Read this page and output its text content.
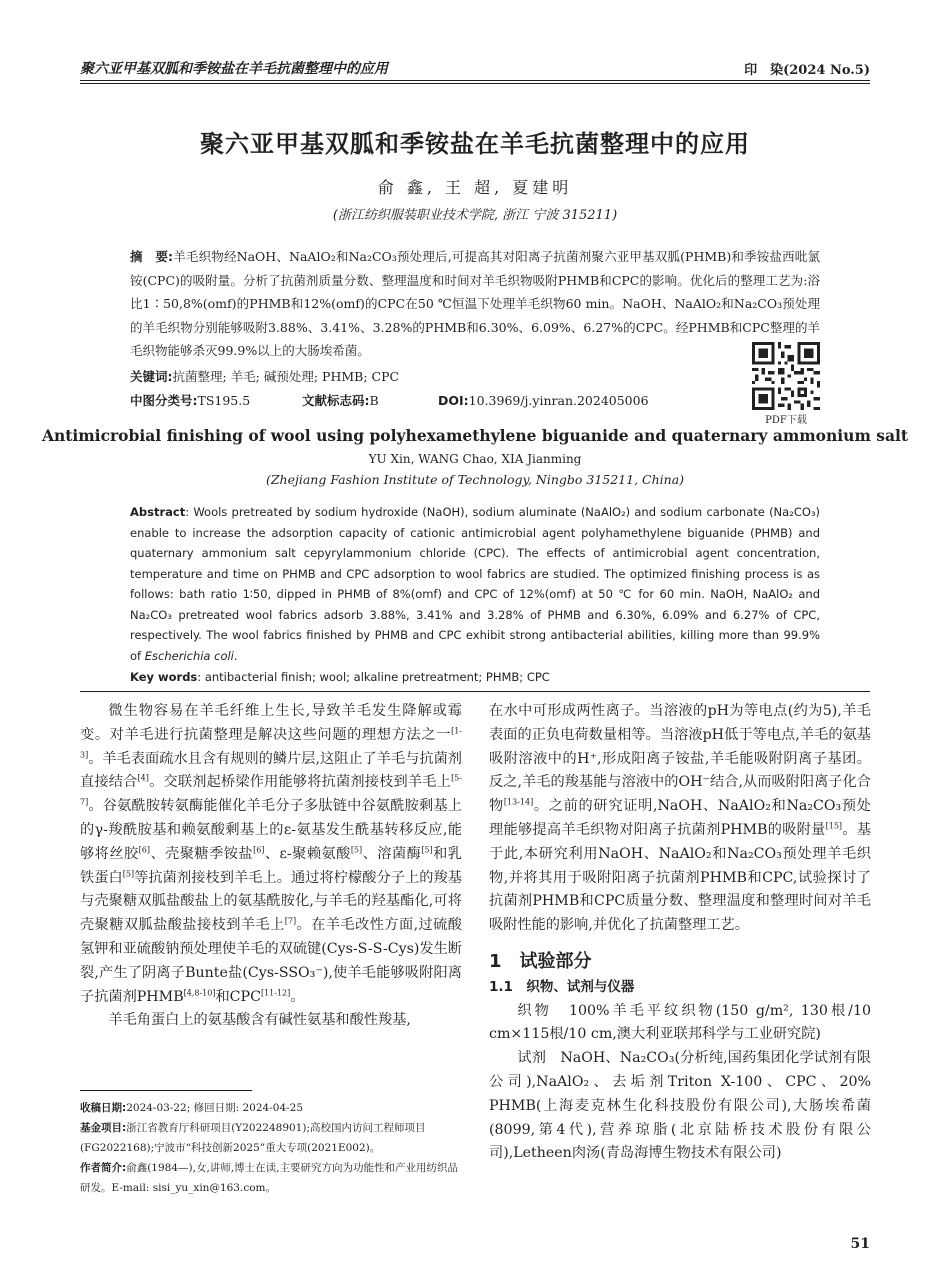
聚六亚甲基双胍和季铵盐在羊毛抗菌整理中的应用	印　染(2024 No.5)
聚六亚甲基双胍和季铵盐在羊毛抗菌整理中的应用
俞 鑫, 王 超, 夏建明
(浙江纺织服装职业技术学院, 浙江 宁波 315211)
摘　要:羊毛织物经NaOH、NaAlO₂和Na₂CO₃预处理后,可提高其对阳离子抗菌剂聚六亚甲基双胍(PHMB)和季铵盐西吡氯铵(CPC)的吸附量。分析了抗菌剂质量分数、整理温度和时间对羊毛织物吸附PHMB和CPC的影响。优化后的整理工艺为:浴比1∶50,8%(omf)的PHMB和12%(omf)的CPC在50 ℃恒温下处理羊毛织物60 min。NaOH、NaAlO₂和Na₂CO₃预处理的羊毛织物分别能够吸附3.88%、3.41%、3.28%的PHMB和6.30%、6.09%、6.27%的CPC。经PHMB和CPC整理的羊毛织物能够杀灭99.9%以上的大肠埃希菌。
关键词:抗菌整理; 羊毛; 碱预处理; PHMB; CPC
中图分类号:TS195.5	文献标志码:B	DOI:10.3969/j.yinran.202405006
PDF下载
Antimicrobial finishing of wool using polyhexamethylene biguanide and quaternary ammonium salt
YU Xin, WANG Chao, XIA Jianming
(Zhejiang Fashion Institute of Technology, Ningbo 315211, China)
Abstract: Wools pretreated by sodium hydroxide (NaOH), sodium aluminate (NaAlO₂) and sodium carbonate (Na₂CO₃) enable to increase the adsorption capacity of cationic antimicrobial agent polyhamethylene biguanide (PHMB) and quaternary ammonium salt cepyrylammonium chloride (CPC). The effects of antimicrobial agent concentration, temperature and time on PHMB and CPC adsorption to wool fabrics are studied. The optimized finishing process is as follows: bath ratio 1∶50, dipped in PHMB of 8%(omf) and CPC of 12%(omf) at 50 ℃ for 60 min. NaOH, NaAlO₂ and Na₂CO₃ pretreated wool fabrics adsorb 3.88%, 3.41% and 3.28% of PHMB and 6.30%, 6.09% and 6.27% of CPC, respectively. The wool fabrics finished by PHMB and CPC exhibit strong antibacterial abilities, killing more than 99.9% of Escherichia coli.
Key words: antibacterial finish; wool; alkaline pretreatment; PHMB; CPC

微生物容易在羊毛纤维上生长,导致羊毛发生降解或霉变。对羊毛进行抗菌整理是解决这些问题的理想方法之一[1-3]。羊毛表面疏水且含有规则的鳞片层,这阻止了羊毛与抗菌剂直接结合[4]。交联剂起桥梁作用能够将抗菌剂接枝到羊毛上[5-7]。谷氨酰胺转氨酶能催化羊毛分子多肽链中谷氨酰胺剩基上的γ-羧酰胺基和赖氨酸剩基上的ε-氨基发生酰基转移反应,能够将丝胶[6]、壳聚糖季铵盐[6]、ε-聚赖氨酸[5]、溶菌酶[5]和乳铁蛋白[5]等抗菌剂接枝到羊毛上。通过将柠檬酸分子上的羧基与壳聚糖双胍盐酸盐上的氨基酰胺化,与羊毛的羟基酯化,可将壳聚糖双胍盐酸盐接枝到羊毛上[7]。在羊毛改性方面,过硫酸氢钾和亚硫酸钠预处理使羊毛的双硫键(Cys-S-S-Cys)发生断裂,产生了阴离子Bunte盐(Cys-SSO₃⁻),使羊毛能够吸附阳离子抗菌剂PHMB[4,8-10]和CPC[11-12]。

羊毛角蛋白上的氨基酸含有碱性氨基和酸性羧基,

收稿日期:2024-03-22; 修回日期: 2024-04-25
基金项目:浙江省教育厅科研项目(Y202248901);高校国内访问工程师项目(FG2022168);宁波市“科技创新2025”重大专项(2021E002)。
作者简介:俞鑫(1984—),女,讲师,博士在读,主要研究方向为功能性和产业用纺织品研发。E-mail: sisi_yu_xin@163.com。

在水中可形成两性离子。当溶液的pH为等电点(约为5),羊毛表面的正负电荷数量相等。当溶液pH低于等电点,羊毛的氨基吸附溶液中的H⁺,形成阳离子铵盐,羊毛能吸附阴离子基团。反之,羊毛的羧基能与溶液中的OH⁻结合,从而吸附阳离子化合物[13-14]。之前的研究证明,NaOH、NaAlO₂和Na₂CO₃预处理能够提高羊毛织物对阳离子抗菌剂PHMB的吸附量[15]。基于此,本研究利用NaOH、NaAlO₂和Na₂CO₃预处理羊毛织物,并将其用于吸附阳离子抗菌剂PHMB和CPC,试验探讨了抗菌剂PHMB和CPC质量分数、整理温度和整理时间对羊毛吸附性能的影响,并优化了抗菌整理工艺。

1　试验部分
1.1　织物、试剂与仪器

织物　100%羊毛平纹织物(150 g/m², 130根/10 cm×115根/10 cm,澳大利亚联邦科学与工业研究院)

试剂　NaOH、Na₂CO₃(分析纯,国药集团化学试剂有限公司),NaAlO₂、去垢剂Triton X-100、CPC、20% PHMB(上海麦克林生化科技股份有限公司),大肠埃希菌(8099,第4代),营养琼脂(北京陆桥技术股份有限公司),Letheen肉汤(青岛海博生物技术有限公司)

51
